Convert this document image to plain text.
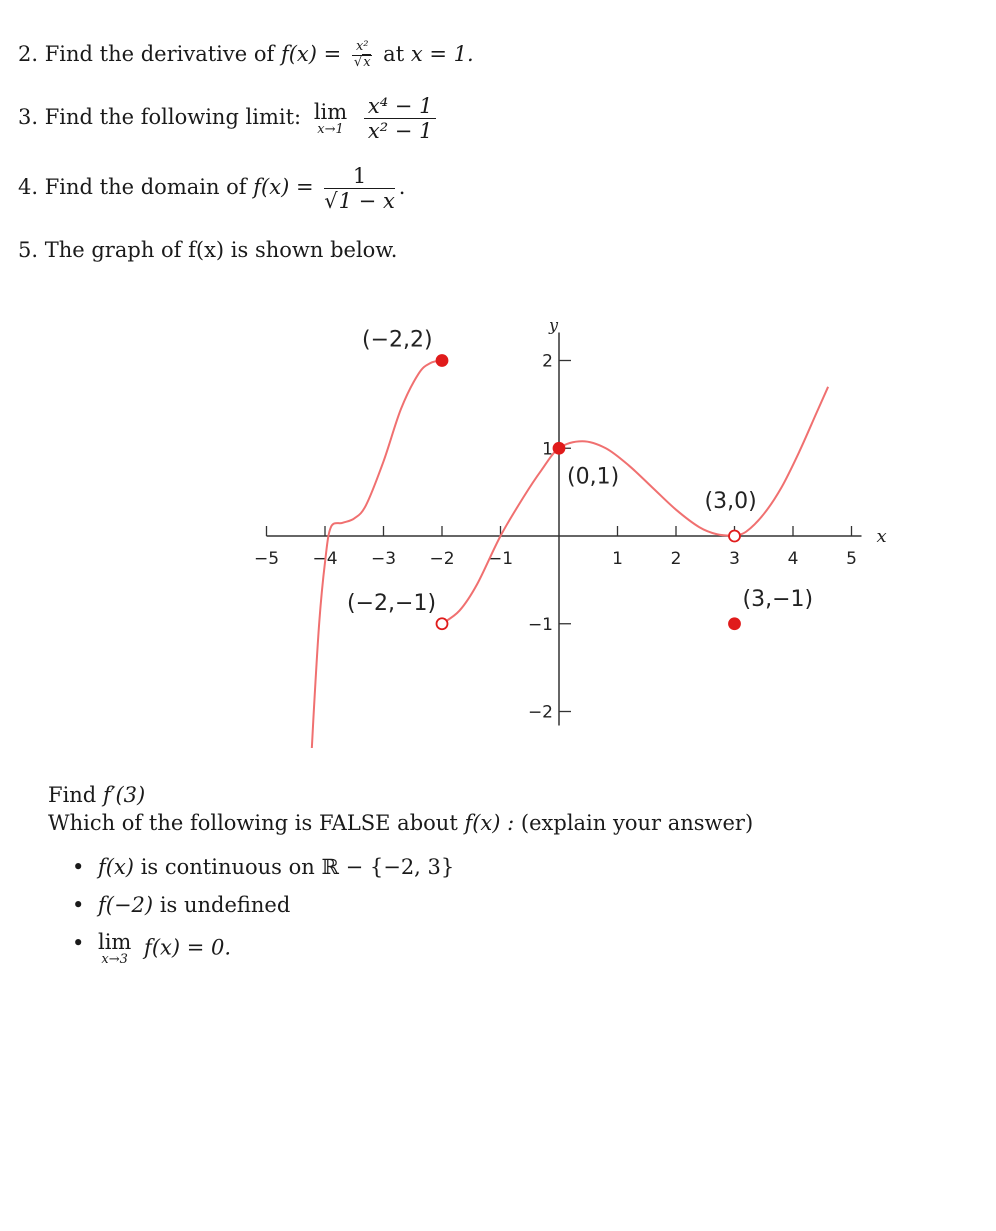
2. Find the derivative of $f(x) = \frac{\text{x²}}{√x}$ at x = 1.
3. Find the following limit: lim
x→1
$\frac{\text{x⁴ − 1}}{\text{x² − 1}}$
4. Find the domain of $f(x) = \frac{1}{√1 - x}$ .
5. The graph of f(x) is shown below.
x
y
−5 −4 −3 −2 −1	1	2	3	4	5
2
1
−1
−2
(−2,2)
(−2,−1)
(0,1)
(3,0)
(3,−1)
Find f′(3)
Which of the following is FALSE about f(x) : (explain your answer)
• f(x) is continuous on ℝ − {−2, 3}
• f(−2) is undefined
• lim
x→3
f(x) = 0.
